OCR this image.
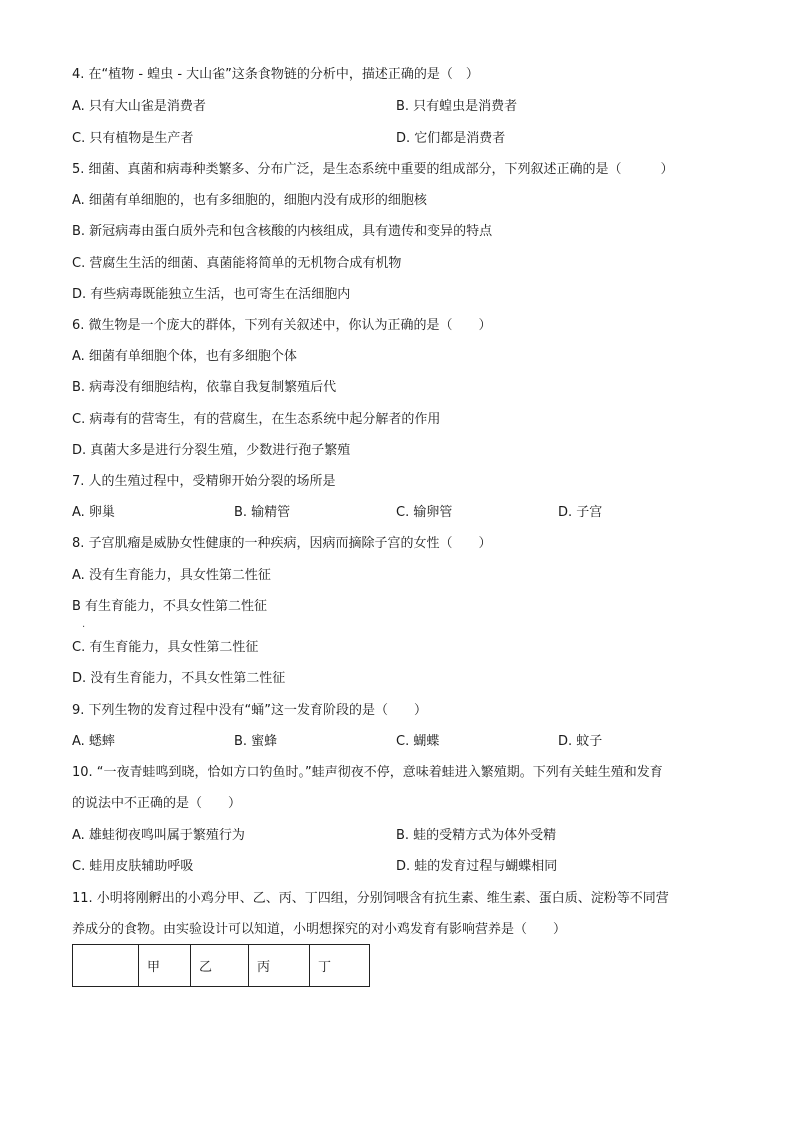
4. 在“植物 - 蝗虫 - 大山雀”这条食物链的分析中，描述正确的是（　）
A. 只有大山雀是消费者	B. 只有蝗虫是消费者
C. 只有植物是生产者	D. 它们都是消费者
5. 细菌、真菌和病毒种类繁多、分布广泛，是生态系统中重要的组成部分，下列叙述正确的是（　　　）
A. 细菌有单细胞的，也有多细胞的，细胞内没有成形的细胞核
B. 新冠病毒由蛋白质外壳和包含核酸的内核组成，具有遗传和变异的特点
C. 营腐生生活的细菌、真菌能将简单的无机物合成有机物
D. 有些病毒既能独立生活，也可寄生在活细胞内
6. 微生物是一个庞大的群体，下列有关叙述中，你认为正确的是（　　）
A. 细菌有单细胞个体，也有多细胞个体
B. 病毒没有细胞结构，依靠自我复制繁殖后代
C. 病毒有的营寄生，有的营腐生，在生态系统中起分解者的作用
D. 真菌大多是进行分裂生殖，少数进行孢子繁殖
7. 人的生殖过程中，受精卵开始分裂的场所是
A. 卵巢	B. 输精管	C. 输卵管	D. 子宫
8. 子宫肌瘤是威胁女性健康的一种疾病，因病而摘除子宫的女性（　　）
A. 没有生育能力，具女性第二性征
B 有生育能力，不具女性第二性征
.
C. 有生育能力，具女性第二性征
D. 没有生育能力，不具女性第二性征
9. 下列生物的发育过程中没有“蛹”这一发育阶段的是（　　）
A. 蟋蟀	B. 蜜蜂	C. 蝴蝶	D. 蚊子
10. “一夜青蛙鸣到晓，恰如方口钓鱼时。”蛙声彻夜不停，意味着蛙进入繁殖期。下列有关蛙生殖和发育
的说法中不正确的是（　　）
A. 雄蛙彻夜鸣叫属于繁殖行为	B. 蛙的受精方式为体外受精
C. 蛙用皮肤辅助呼吸	D. 蛙的发育过程与蝴蝶相同
11. 小明将刚孵出的小鸡分甲、乙、丙、丁四组，分别饲喂含有抗生素、维生素、蛋白质、淀粉等不同营
养成分的食物。由实验设计可以知道，小明想探究的对小鸡发育有影响营养是（　　）
	甲	乙	丙	丁
